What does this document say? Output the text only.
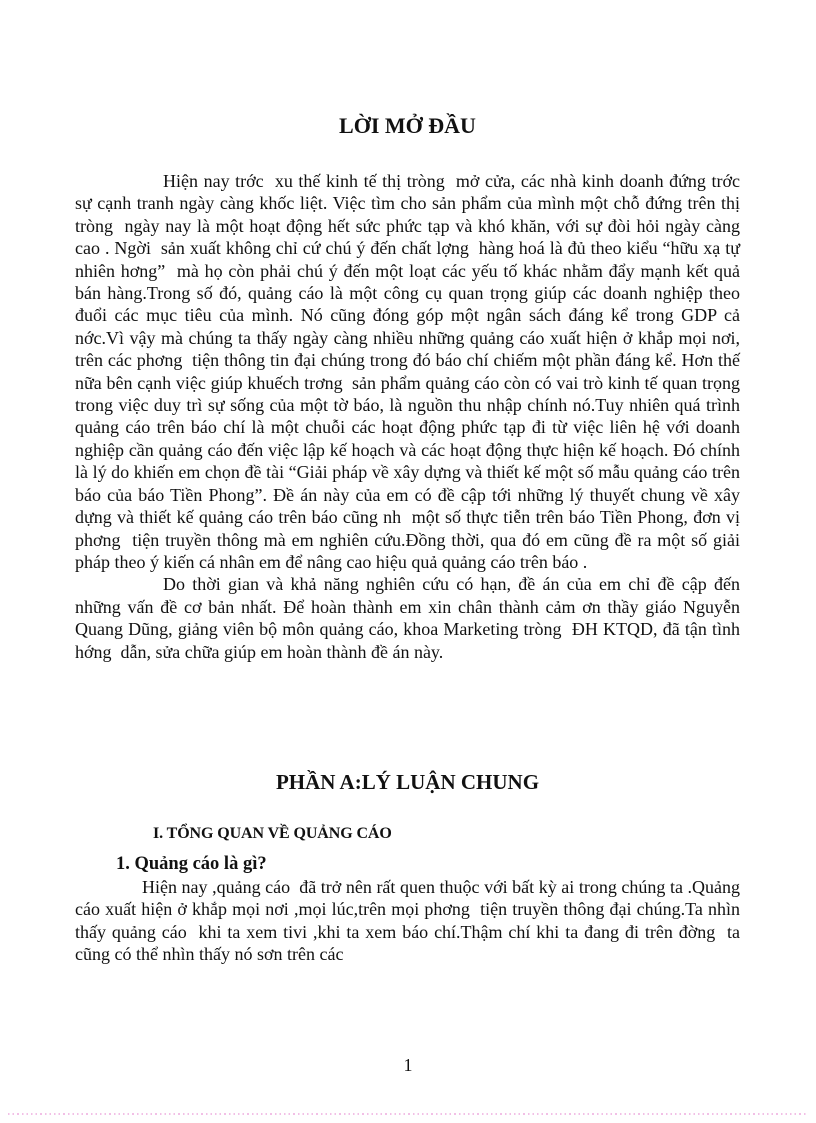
LỜI MỞ ĐẦU

Hiện nay trớc  xu thế kinh tế thị tròng  mở cửa, các nhà kinh doanh đứng trớc  sự cạnh tranh ngày càng khốc liệt. Việc tìm cho sản phẩm của mình một chỗ đứng trên thị tròng  ngày nay là một hoạt động hết sức phức tạp và khó khăn, với sự đòi hỏi ngày càng cao . Ngời  sản xuất không chỉ cứ chú ý đến chất lợng  hàng hoá là đủ theo kiểu “hữu xạ tự nhiên hơng”  mà họ còn phải chú ý đến một loạt các yếu tố khác nhằm đẩy mạnh kết quả bán hàng.Trong số đó, quảng cáo là một công cụ quan trọng giúp các doanh nghiệp theo đuổi các mục tiêu của mình. Nó cũng đóng góp một ngân sách đáng kể trong GDP cả nớc.Vì vậy mà chúng ta thấy ngày càng nhiều những quảng cáo xuất hiện ở khắp mọi nơi, trên các phơng  tiện thông tin đại chúng trong đó báo chí chiếm một phần đáng kể. Hơn thế nữa bên cạnh việc giúp khuếch trơng  sản phẩm quảng cáo còn có vai trò kinh tế quan trọng trong việc duy trì sự sống của một tờ báo, là nguồn thu nhập chính nó.Tuy nhiên quá trình quảng cáo trên báo chí là một chuỗi các hoạt động phức tạp đi từ việc liên hệ với doanh nghiệp cần quảng cáo đến việc lập kế hoạch và các hoạt động thực hiện kế hoạch. Đó chính là lý do khiến em chọn đề tài “Giải pháp về xây dựng và thiết kế một số mẫu quảng cáo trên báo của báo Tiền Phong”. Đề án này của em có đề cập tới những lý thuyết chung về xây dựng và thiết kế quảng cáo trên báo cũng nh  một số thực tiễn trên báo Tiền Phong, đơn vị phơng  tiện truyền thông mà em nghiên cứu.Đồng thời, qua đó em cũng đề ra một số giải pháp theo ý kiến cá nhân em để nâng cao hiệu quả quảng cáo trên báo .

Do thời gian và khả năng nghiên cứu có hạn, đề án của em chỉ đề cập đến những vấn đề cơ bản nhất. Để hoàn thành em xin chân thành cảm ơn thầy giáo Nguyễn Quang Dũng, giảng viên bộ môn quảng cáo, khoa Marketing tròng  ĐH KTQD, đã tận tình hớng  dẫn, sửa chữa giúp em hoàn thành đề án này.

PHẦN A:LÝ LUẬN CHUNG
I. TỔNG QUAN VỀ QUẢNG CÁO
1. Quảng cáo là gì?

Hiện nay ,quảng cáo  đã trở nên rất quen thuộc với bất kỳ ai trong chúng ta .Quảng cáo xuất hiện ở khắp mọi nơi ,mọi lúc,trên mọi phơng  tiện truyền thông đại chúng.Ta nhìn thấy quảng cáo  khi ta xem tivi ,khi ta xem báo chí.Thậm chí khi ta đang đi trên đờng  ta cũng có thể nhìn thấy nó sơn trên các

1
